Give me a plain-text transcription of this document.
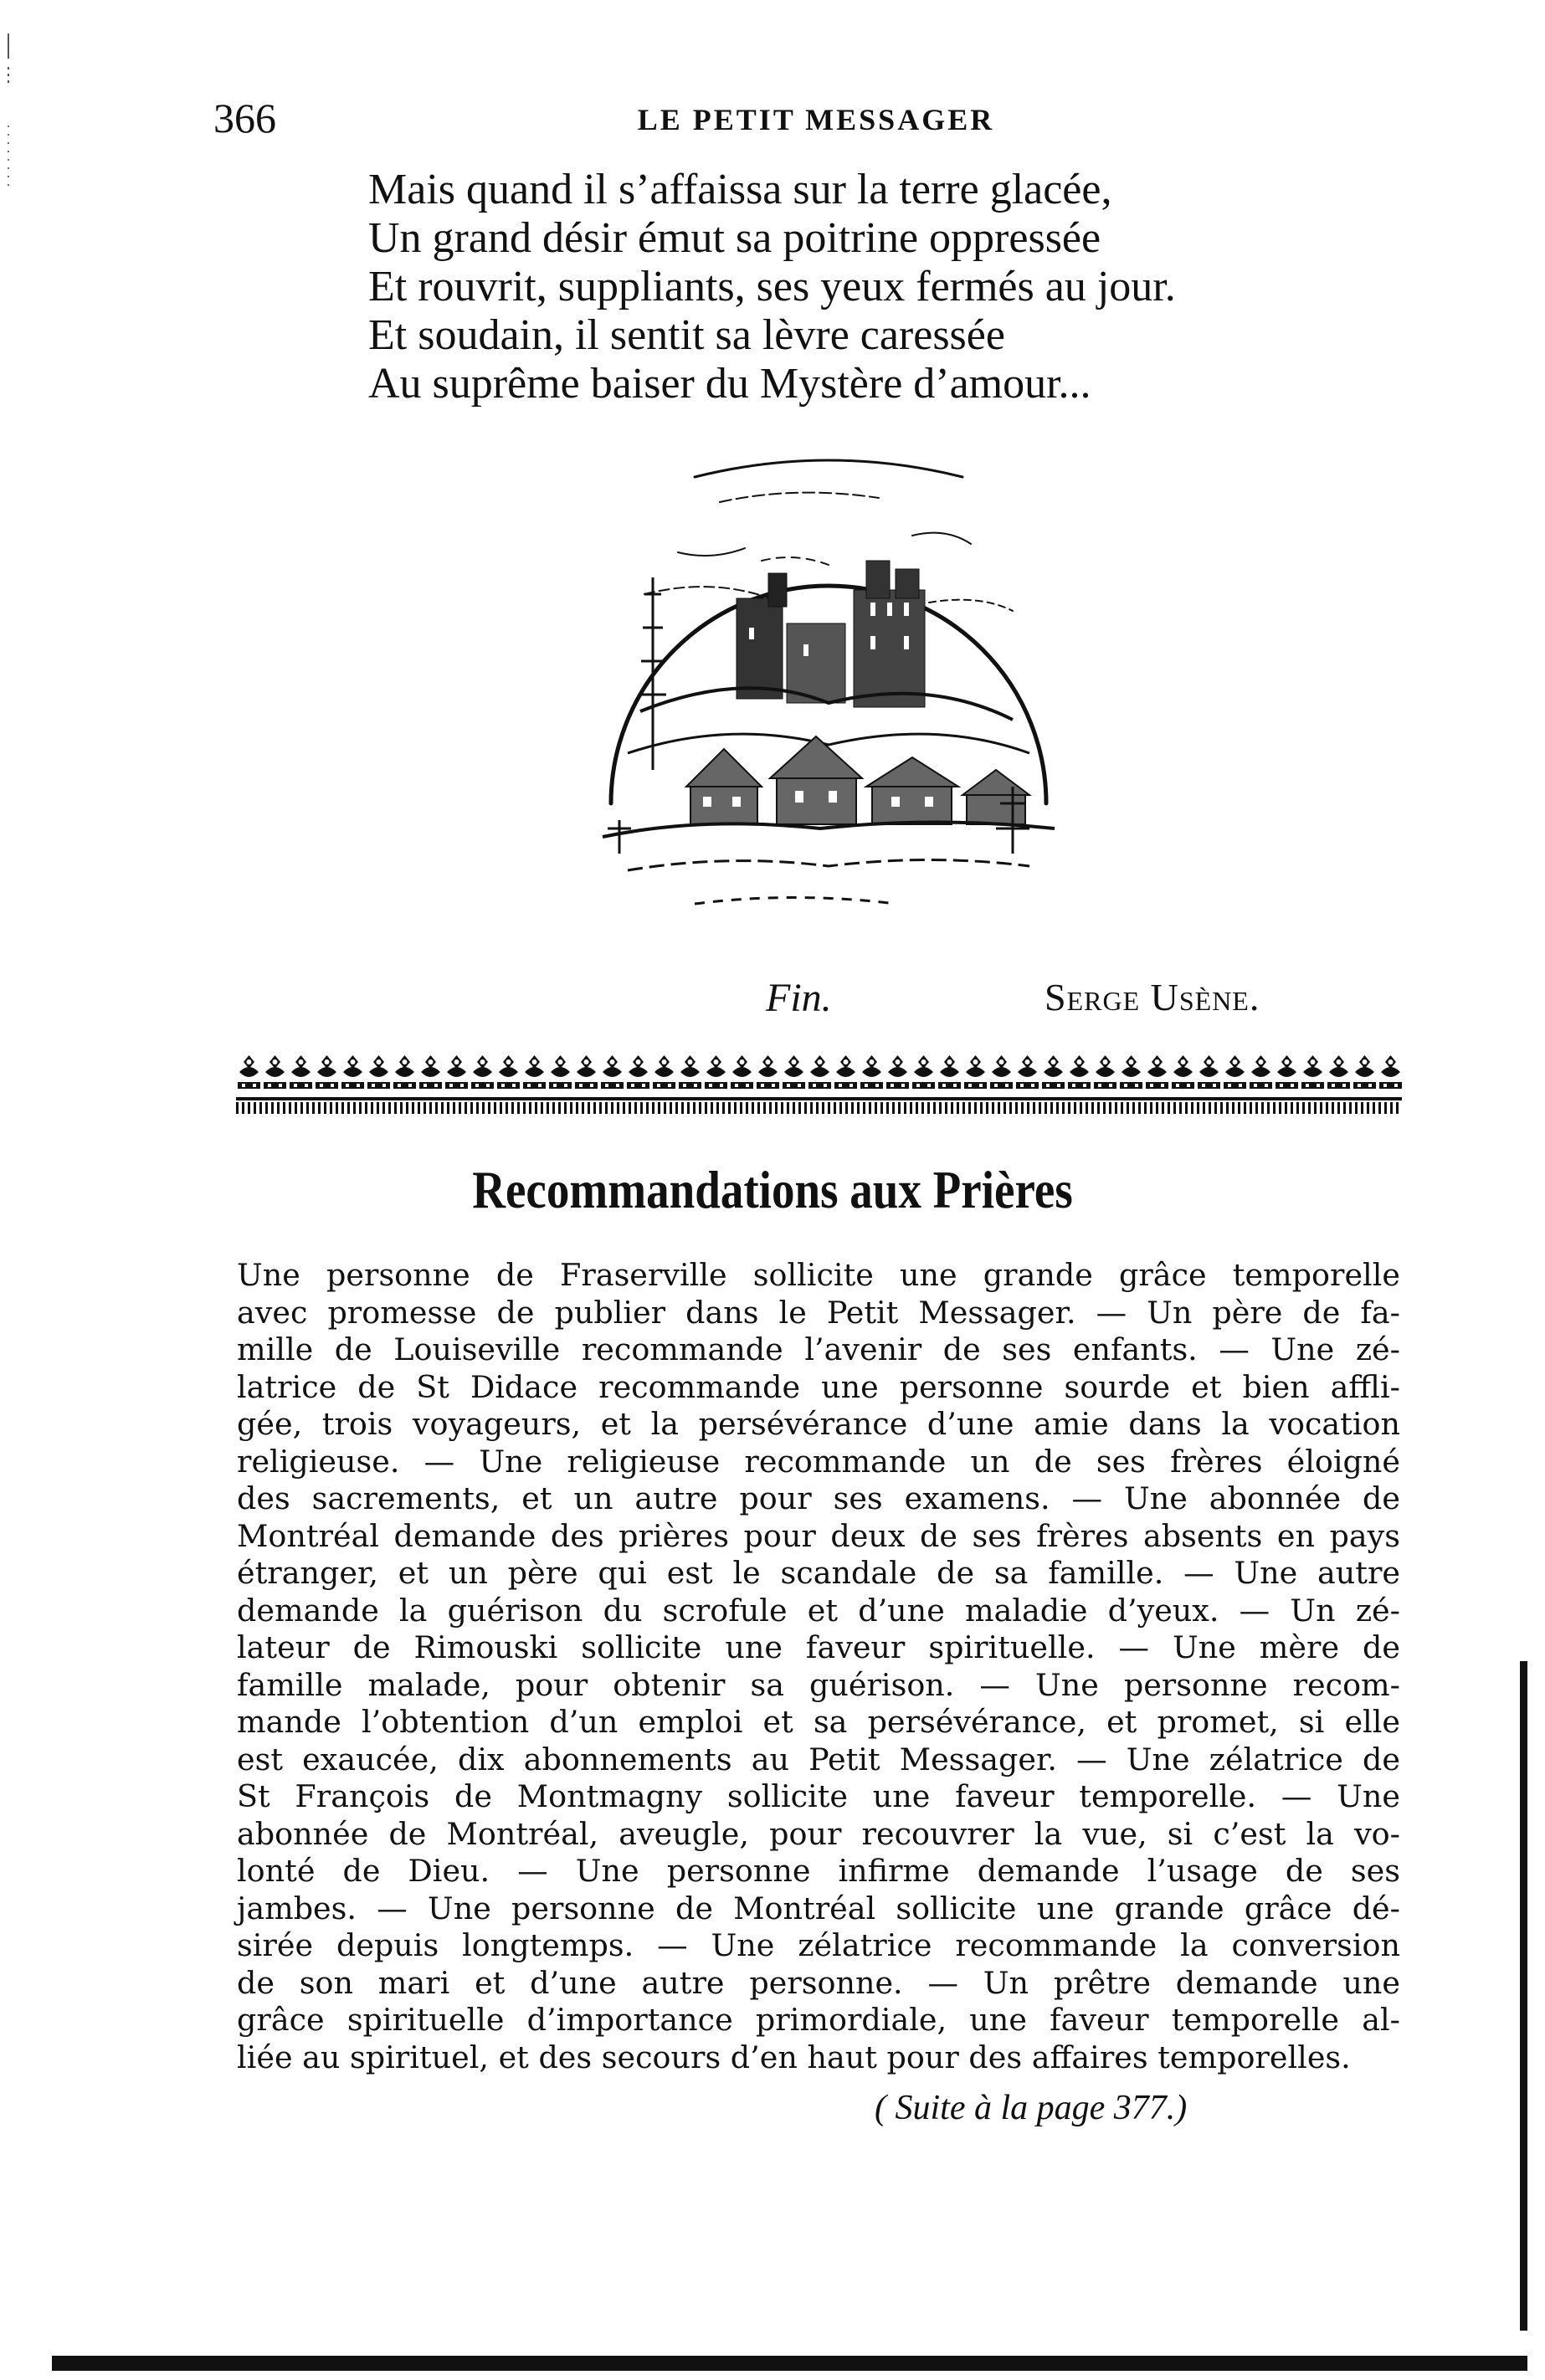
366	LE PETIT MESSAGER
Mais quand il s’affaissa sur la terre glacée,
Un grand désir émut sa poitrine oppressée
Et rouvrit, suppliants, ses yeux fermés au jour.
Et soudain, il sentit sa lèvre caressée
Au suprême baiser du Mystère d’amour...
Fin.	Serge Usène.
Recommandations aux Prières
Une personne de Fraserville sollicite une grande grâce temporelle
avec promesse de publier dans le Petit Messager. — Un père de fa-
mille de Louiseville recommande l’avenir de ses enfants. — Une zé-
latrice de St Didace recommande une personne sourde et bien affli-
gée, trois voyageurs, et la persévérance d’une amie dans la vocation
religieuse. — Une religieuse recommande un de ses frères éloigné
des sacrements, et un autre pour ses examens. — Une abonnée de
Montréal demande des prières pour deux de ses frères absents en pays
étranger, et un père qui est le scandale de sa famille. — Une autre
demande la guérison du scrofule et d’une maladie d’yeux. — Un zé-
lateur de Rimouski sollicite une faveur spirituelle. — Une mère de
famille malade, pour obtenir sa guérison. — Une personne recom-
mande l’obtention d’un emploi et sa persévérance, et promet, si elle
est exaucée, dix abonnements au Petit Messager. — Une zélatrice de
St François de Montmagny sollicite une faveur temporelle. — Une
abonnée de Montréal, aveugle, pour recouvrer la vue, si c’est la vo-
lonté de Dieu. — Une personne infirme demande l’usage de ses
jambes. — Une personne de Montréal sollicite une grande grâce dé-
sirée depuis longtemps. — Une zélatrice recommande la conversion
de son mari et d’une autre personne. — Un prêtre demande une
grâce spirituelle d’importance primordiale, une faveur temporelle al-
liée au spirituel, et des secours d’en haut pour des affaires temporelles.
( Suite à la page 377.)
